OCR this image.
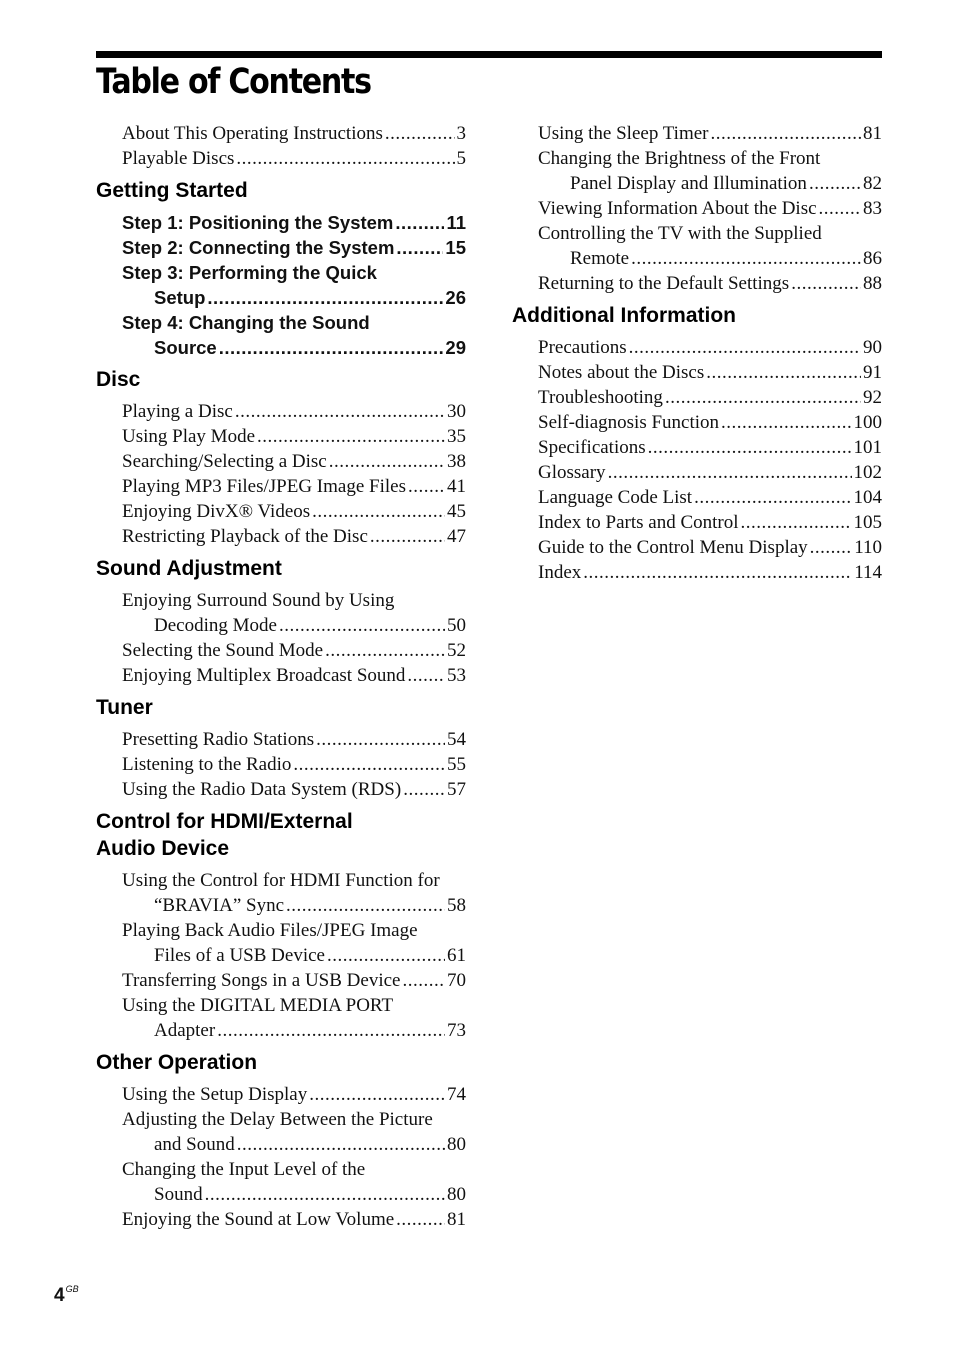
Table of Contents
About This Operating Instructions .....	3
Playable Discs .....	5
Getting Started
Step 1: Positioning the System .....	11
Step 2: Connecting the System .....	15
Step 3: Performing the Quick
Setup .....	26
Step 4: Changing the Sound
Source .....	29
Disc
Playing a Disc .....	30
Using Play Mode .....	35
Searching/Selecting a Disc .....	38
Playing MP3 Files/JPEG Image Files ..... 41
Enjoying DivX® Videos .....	45
Restricting Playback of the Disc .....	47
Sound Adjustment
Enjoying Surround Sound by Using
Decoding Mode .....	50
Selecting the Sound Mode .....	52
Enjoying Multiplex Broadcast Sound ..... 53
Tuner
Presetting Radio Stations .....	54
Listening to the Radio .....	55
Using the Radio Data System (RDS) ..... 57
Control for HDMI/External
Audio Device
Using the Control for HDMI Function for
“BRAVIA” Sync .....	58
Playing Back Audio Files/JPEG Image
Files of a USB Device .....	61
Transferring Songs in a USB Device ..... 70
Using the DIGITAL MEDIA PORT
Adapter .....	73
Other Operation
Using the Setup Display .....	74
Adjusting the Delay Between the Picture
and Sound .....	80
Changing the Input Level of the
Sound .....	80
Enjoying the Sound at Low Volume .....	81
Using the Sleep Timer .....	81
Changing the Brightness of the Front
Panel Display and Illumination .....	82
Viewing Information About the Disc ..... 83
Controlling the TV with the Supplied
Remote .....	86
Returning to the Default Settings .....	88
Additional Information
Precautions .....	90
Notes about the Discs .....	91
Troubleshooting .....	92
Self-diagnosis Function .....	100
Specifications .....	101
Glossary .....	102
Language Code List .....	104
Index to Parts and Control .....	105
Guide to the Control Menu Display ..... 110
Index .....	114
$4^{GB}$
